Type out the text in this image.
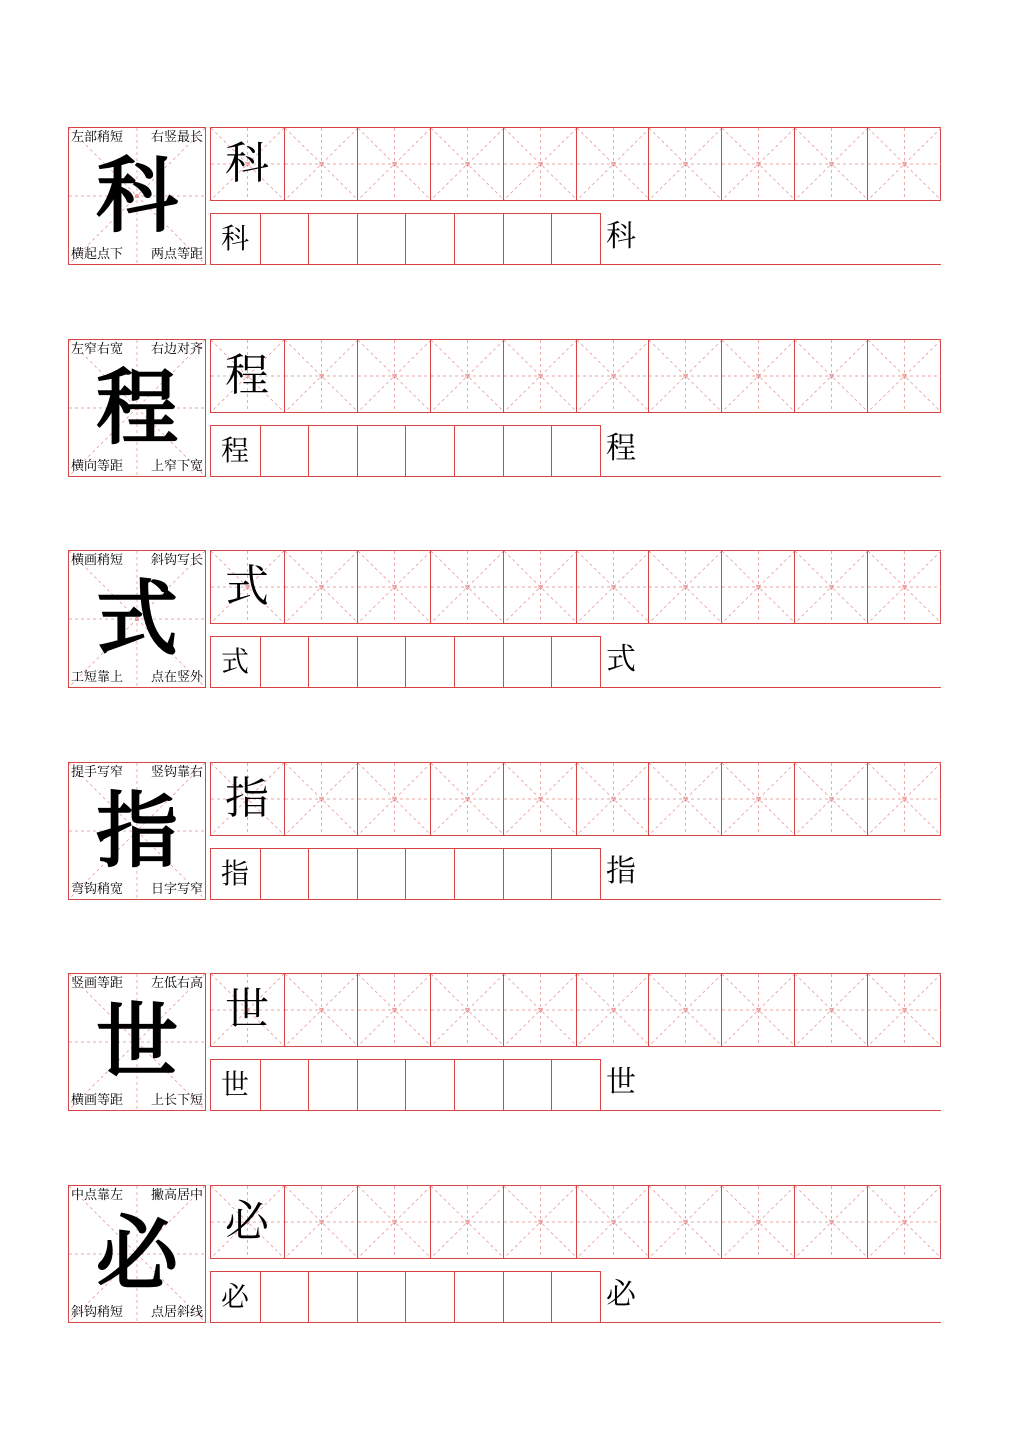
左部稍短 右竖最长
科
横起点下 两点等距
科
科	科
左窄右宽 右边对齐
程
横向等距 上窄下宽
程
程	程
横画稍短 斜钩写长
式
工短靠上 点在竖外
式
式	式
提手写窄 竖钩靠右
指
弯钩稍宽 日字写窄
指
指	指
竖画等距 左低右高
世
横画等距 上长下短
世
世	世
中点靠左 撇高居中
必
斜钩稍短 点居斜线
必
必	必
